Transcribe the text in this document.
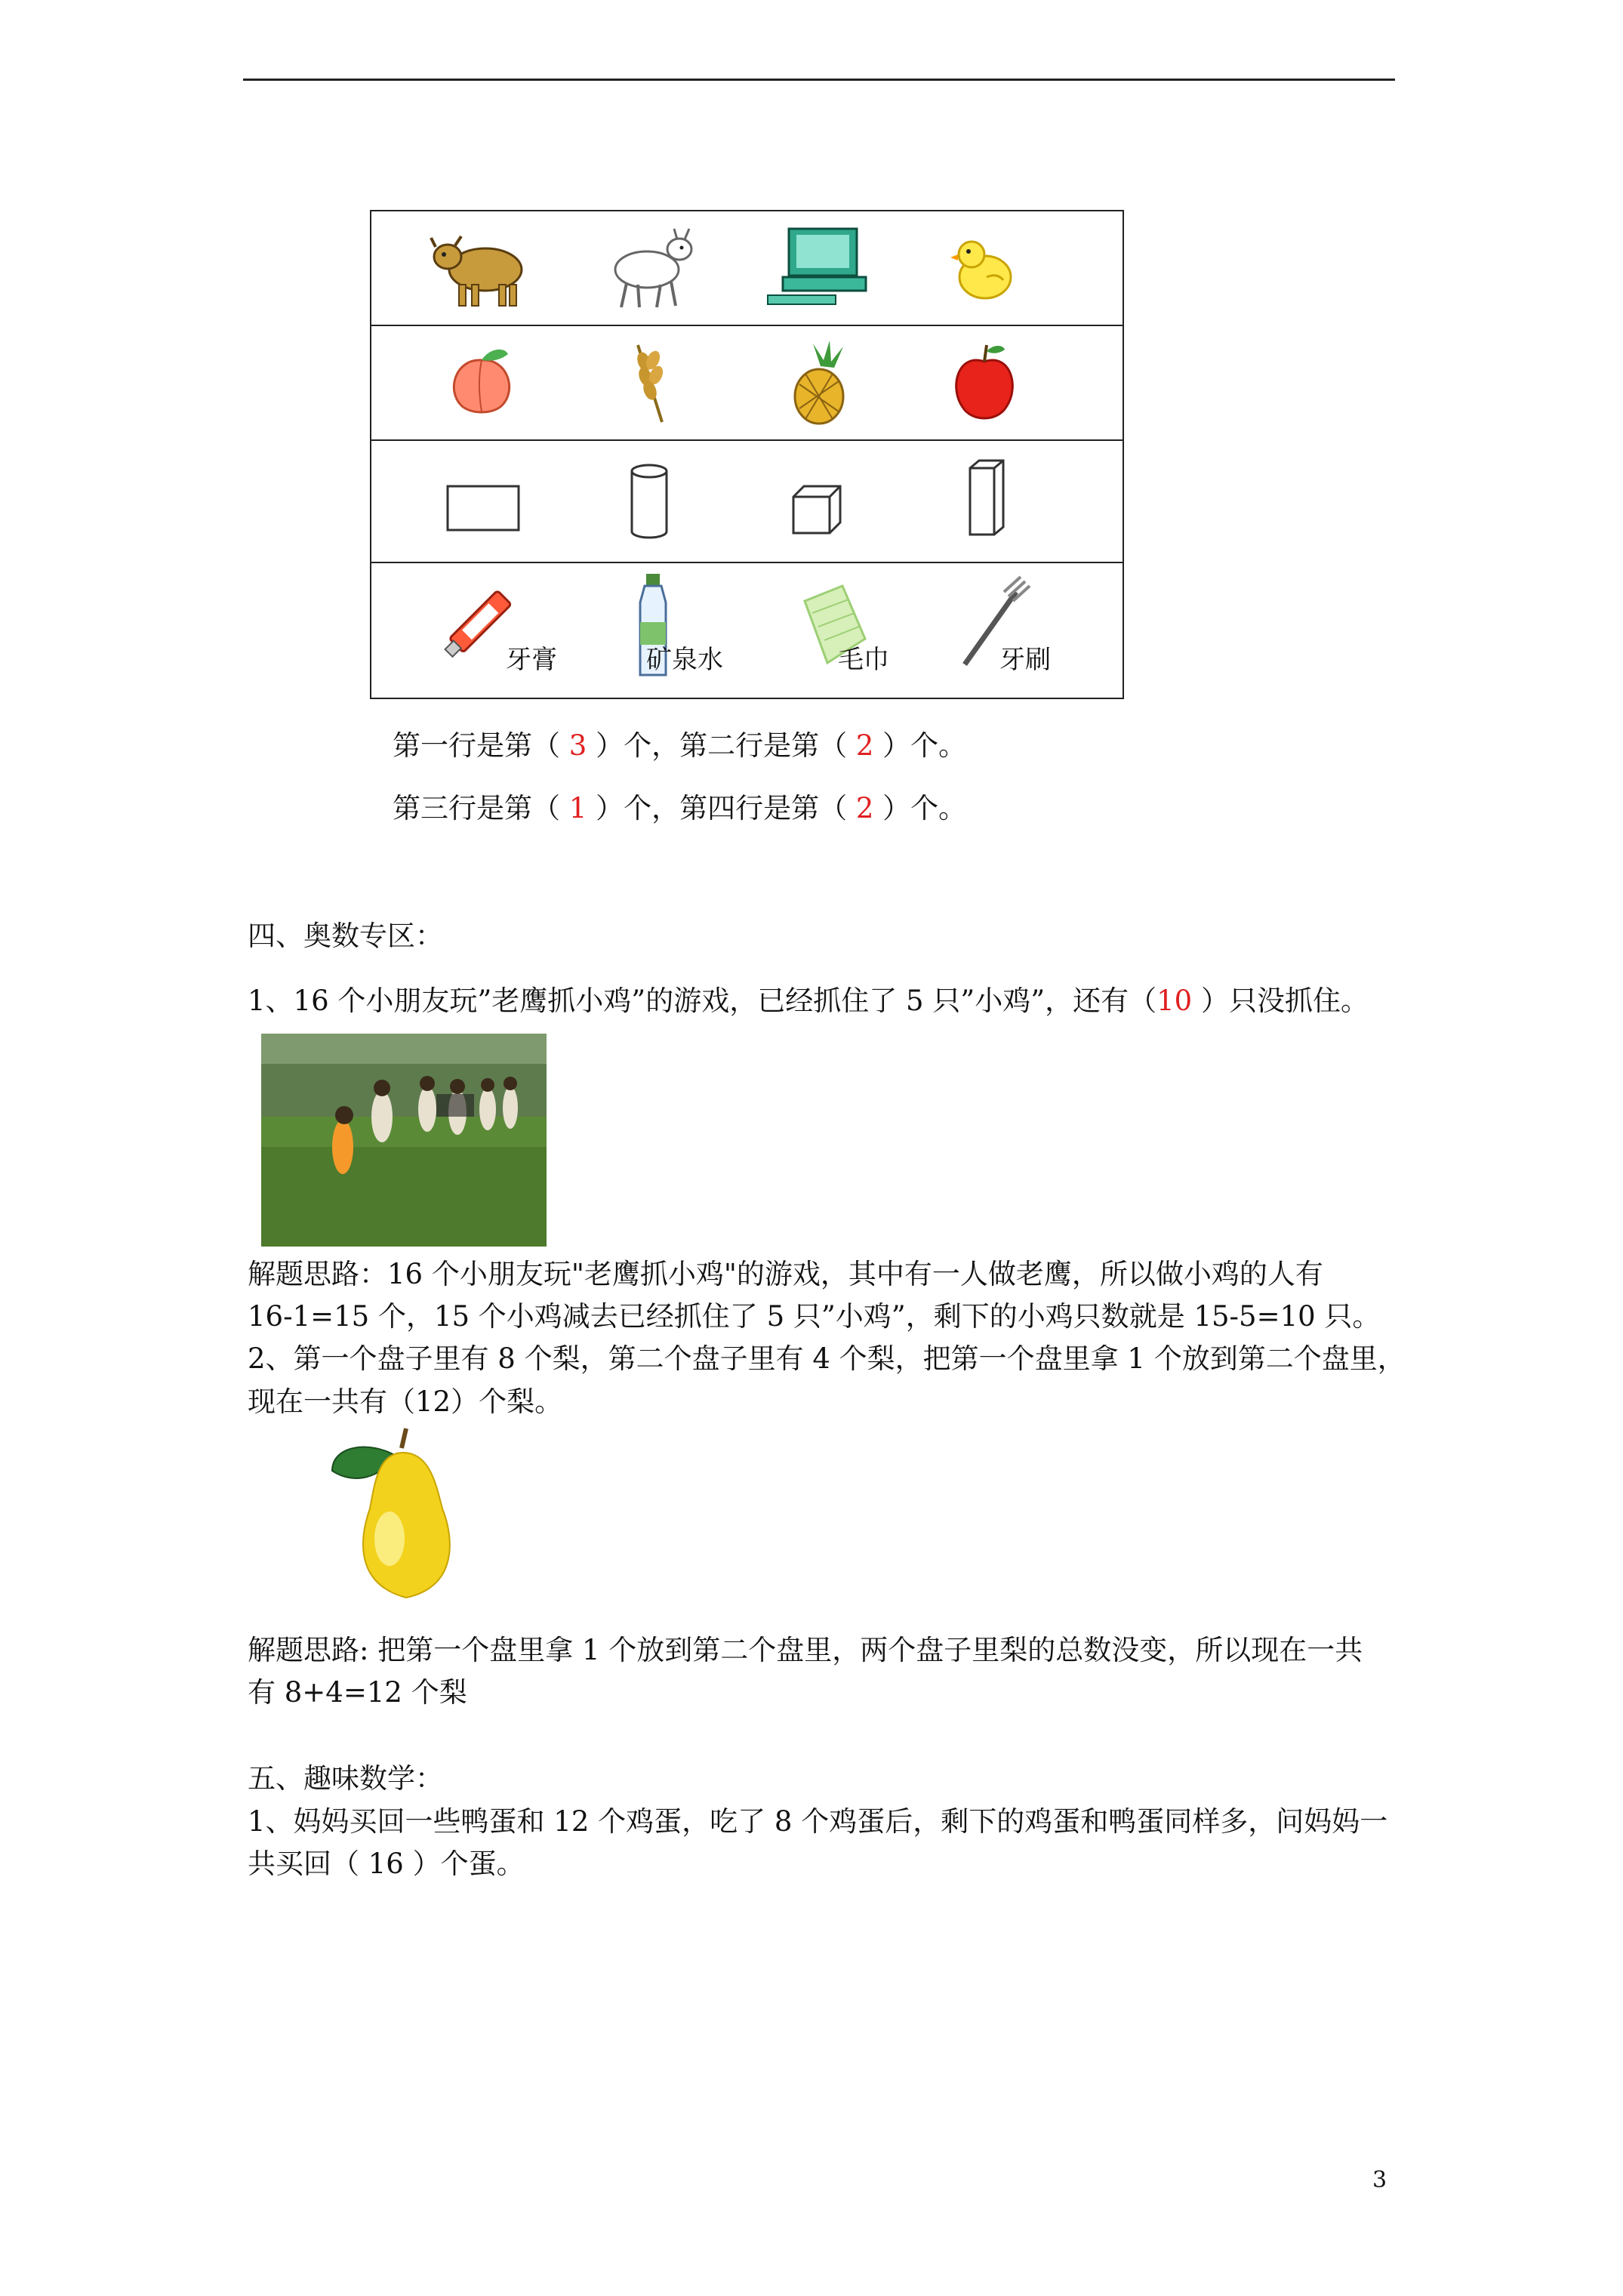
牙膏	矿泉水	毛巾	牙刷
第一行是第（ 3 ）个，第二行是第（ 2 ）个。
第三行是第（ 1 ）个，第四行是第（ 2 ）个。
四、奥数专区：
1、16 个小朋友玩”老鹰抓小鸡”的游戏，已经抓住了 5 只”小鸡”，还有（10 ）只没抓住。
解题思路：16 个小朋友玩"老鹰抓小鸡"的游戏，其中有一人做老鹰，所以做小鸡的人有
16-1=15 个，15 个小鸡减去已经抓住了 5 只”小鸡”，剩下的小鸡只数就是 15-5=10 只。
2、第一个盘子里有 8 个梨，第二个盘子里有 4 个梨，把第一个盘里拿 1 个放到第二个盘里，
现在一共有（12）个梨。
解题思路: 把第一个盘里拿 1 个放到第二个盘里，两个盘子里梨的总数没变，所以现在一共
有 8+4=12 个梨
五、趣味数学：
1、妈妈买回一些鸭蛋和 12 个鸡蛋，吃了 8 个鸡蛋后，剩下的鸡蛋和鸭蛋同样多，问妈妈一
共买回（ 16 ）个蛋。
3
